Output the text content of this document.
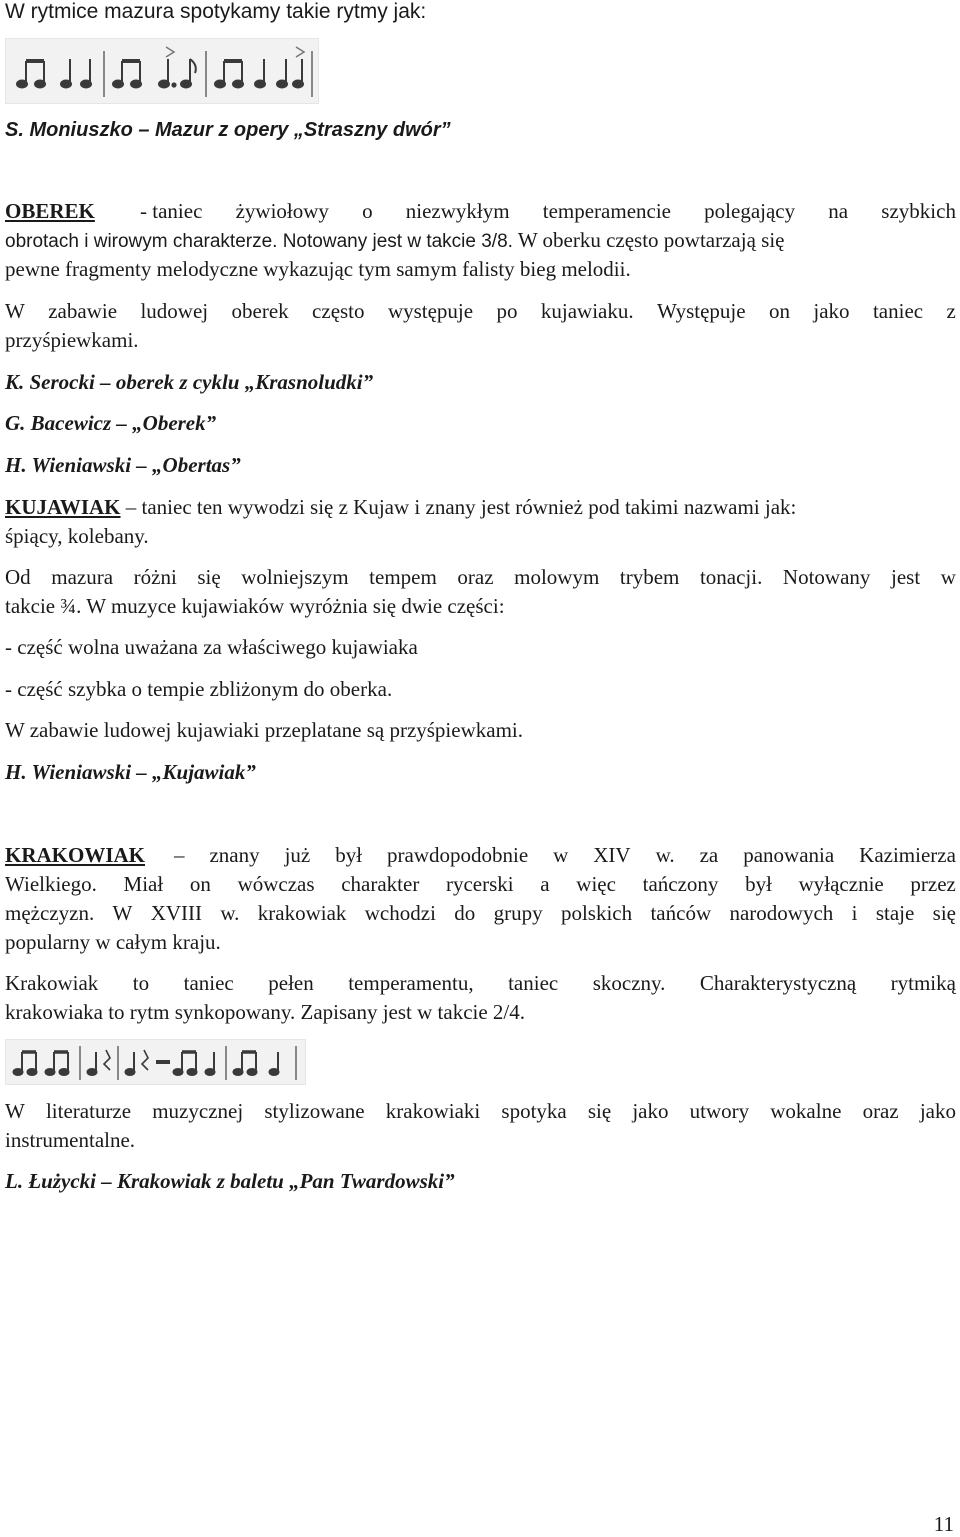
W rytmice mazura spotykamy takie rytmy jak:
S. Moniuszko – Mazur z opery „Straszny dwór”
OBEREK - taniec żywiołowy o niezwykłym temperamencie polegający na szybkich
obrotach i wirowym charakterze. Notowany jest w takcie 3/8. W oberku często powtarzają się
pewne fragmenty melodyczne wykazując tym samym falisty bieg melodii.
W zabawie ludowej oberek często występuje po kujawiaku. Występuje on jako taniec z
przyśpiewkami.
K. Serocki – oberek z cyklu „Krasnoludki”
G. Bacewicz – „Oberek”
H. Wieniawski – „Obertas”
KUJAWIAK – taniec ten wywodzi się z Kujaw i znany jest również pod takimi nazwami jak:
śpiący, kolebany.
Od mazura różni się wolniejszym tempem oraz molowym trybem tonacji. Notowany jest w
takcie ¾. W muzyce kujawiaków wyróżnia się dwie części:
- część wolna uważana za właściwego kujawiaka
- część szybka o tempie zbliżonym do oberka.
W zabawie ludowej kujawiaki przeplatane są przyśpiewkami.
H. Wieniawski – „Kujawiak”
KRAKOWIAK – znany już był prawdopodobnie w XIV w. za panowania Kazimierza
Wielkiego. Miał on wówczas charakter rycerski a więc tańczony był wyłącznie przez
mężczyzn. W XVIII w. krakowiak wchodzi do grupy polskich tańców narodowych i staje się
popularny w całym kraju.
Krakowiak to taniec pełen temperamentu, taniec skoczny. Charakterystyczną rytmiką
krakowiaka to rytm synkopowany. Zapisany jest w takcie 2/4.
W literaturze muzycznej stylizowane krakowiaki spotyka się jako utwory wokalne oraz jako
instrumentalne.
L. Łużycki – Krakowiak z baletu „Pan Twardowski”
11
